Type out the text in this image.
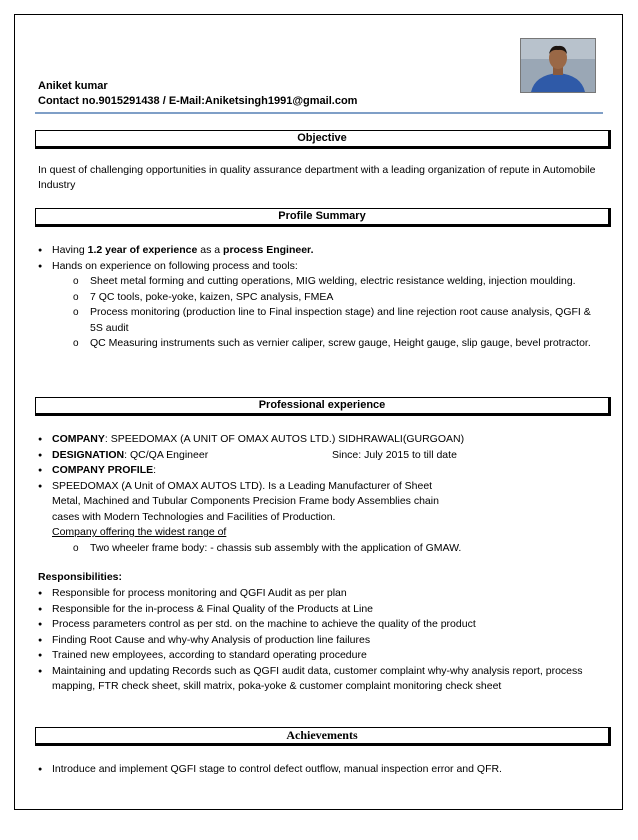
Aniket kumar
Contact no.9015291438 / E-Mail:Aniketsingh1991@gmail.com
Objective
In quest of challenging opportunities in quality assurance department with a leading organization of repute in Automobile Industry
Profile Summary
● Having 1.2 year of experience as a process Engineer.
● Hands on experience on following process and tools:
o Sheet metal forming and cutting operations, MIG welding, electric resistance welding, injection moulding.
o 7 QC tools, poke-yoke, kaizen, SPC analysis, FMEA
o Process monitoring (production line to Final inspection stage) and line rejection root cause analysis, QGFI & 5S audit
o QC Measuring instruments such as vernier caliper, screw gauge, Height gauge, slip gauge, bevel protractor.
Professional experience
● COMPANY: SPEEDOMAX (A UNIT OF OMAX AUTOS LTD.) SIDHRAWALI(GURGOAN)
● DESIGNATION: QC/QA Engineer	Since: July 2015 to till date
● COMPANY PROFILE:
● SPEEDOMAX (A Unit of OMAX AUTOS LTD). Is a Leading Manufacturer of Sheet Metal, Machined and Tubular Components Precision Frame body Assemblies chain cases with Modern Technologies and Facilities of Production.
Company offering the widest range of
o Two wheeler frame body: - chassis sub assembly with the application of GMAW.
Responsibilities:
● Responsible for process monitoring and QGFI Audit as per plan
● Responsible for the in-process & Final Quality of the Products at Line
● Process parameters control as per std. on the machine to achieve the quality of the product
● Finding Root Cause and why-why Analysis of production line failures
● Trained new employees, according to standard operating procedure
● Maintaining and updating Records such as QGFI audit data, customer complaint why-why analysis report, process mapping, FTR check sheet, skill matrix, poka-yoke & customer complaint monitoring check sheet
Achievements
● Introduce and implement QGFI stage to control defect outflow, manual inspection error and QFR.
